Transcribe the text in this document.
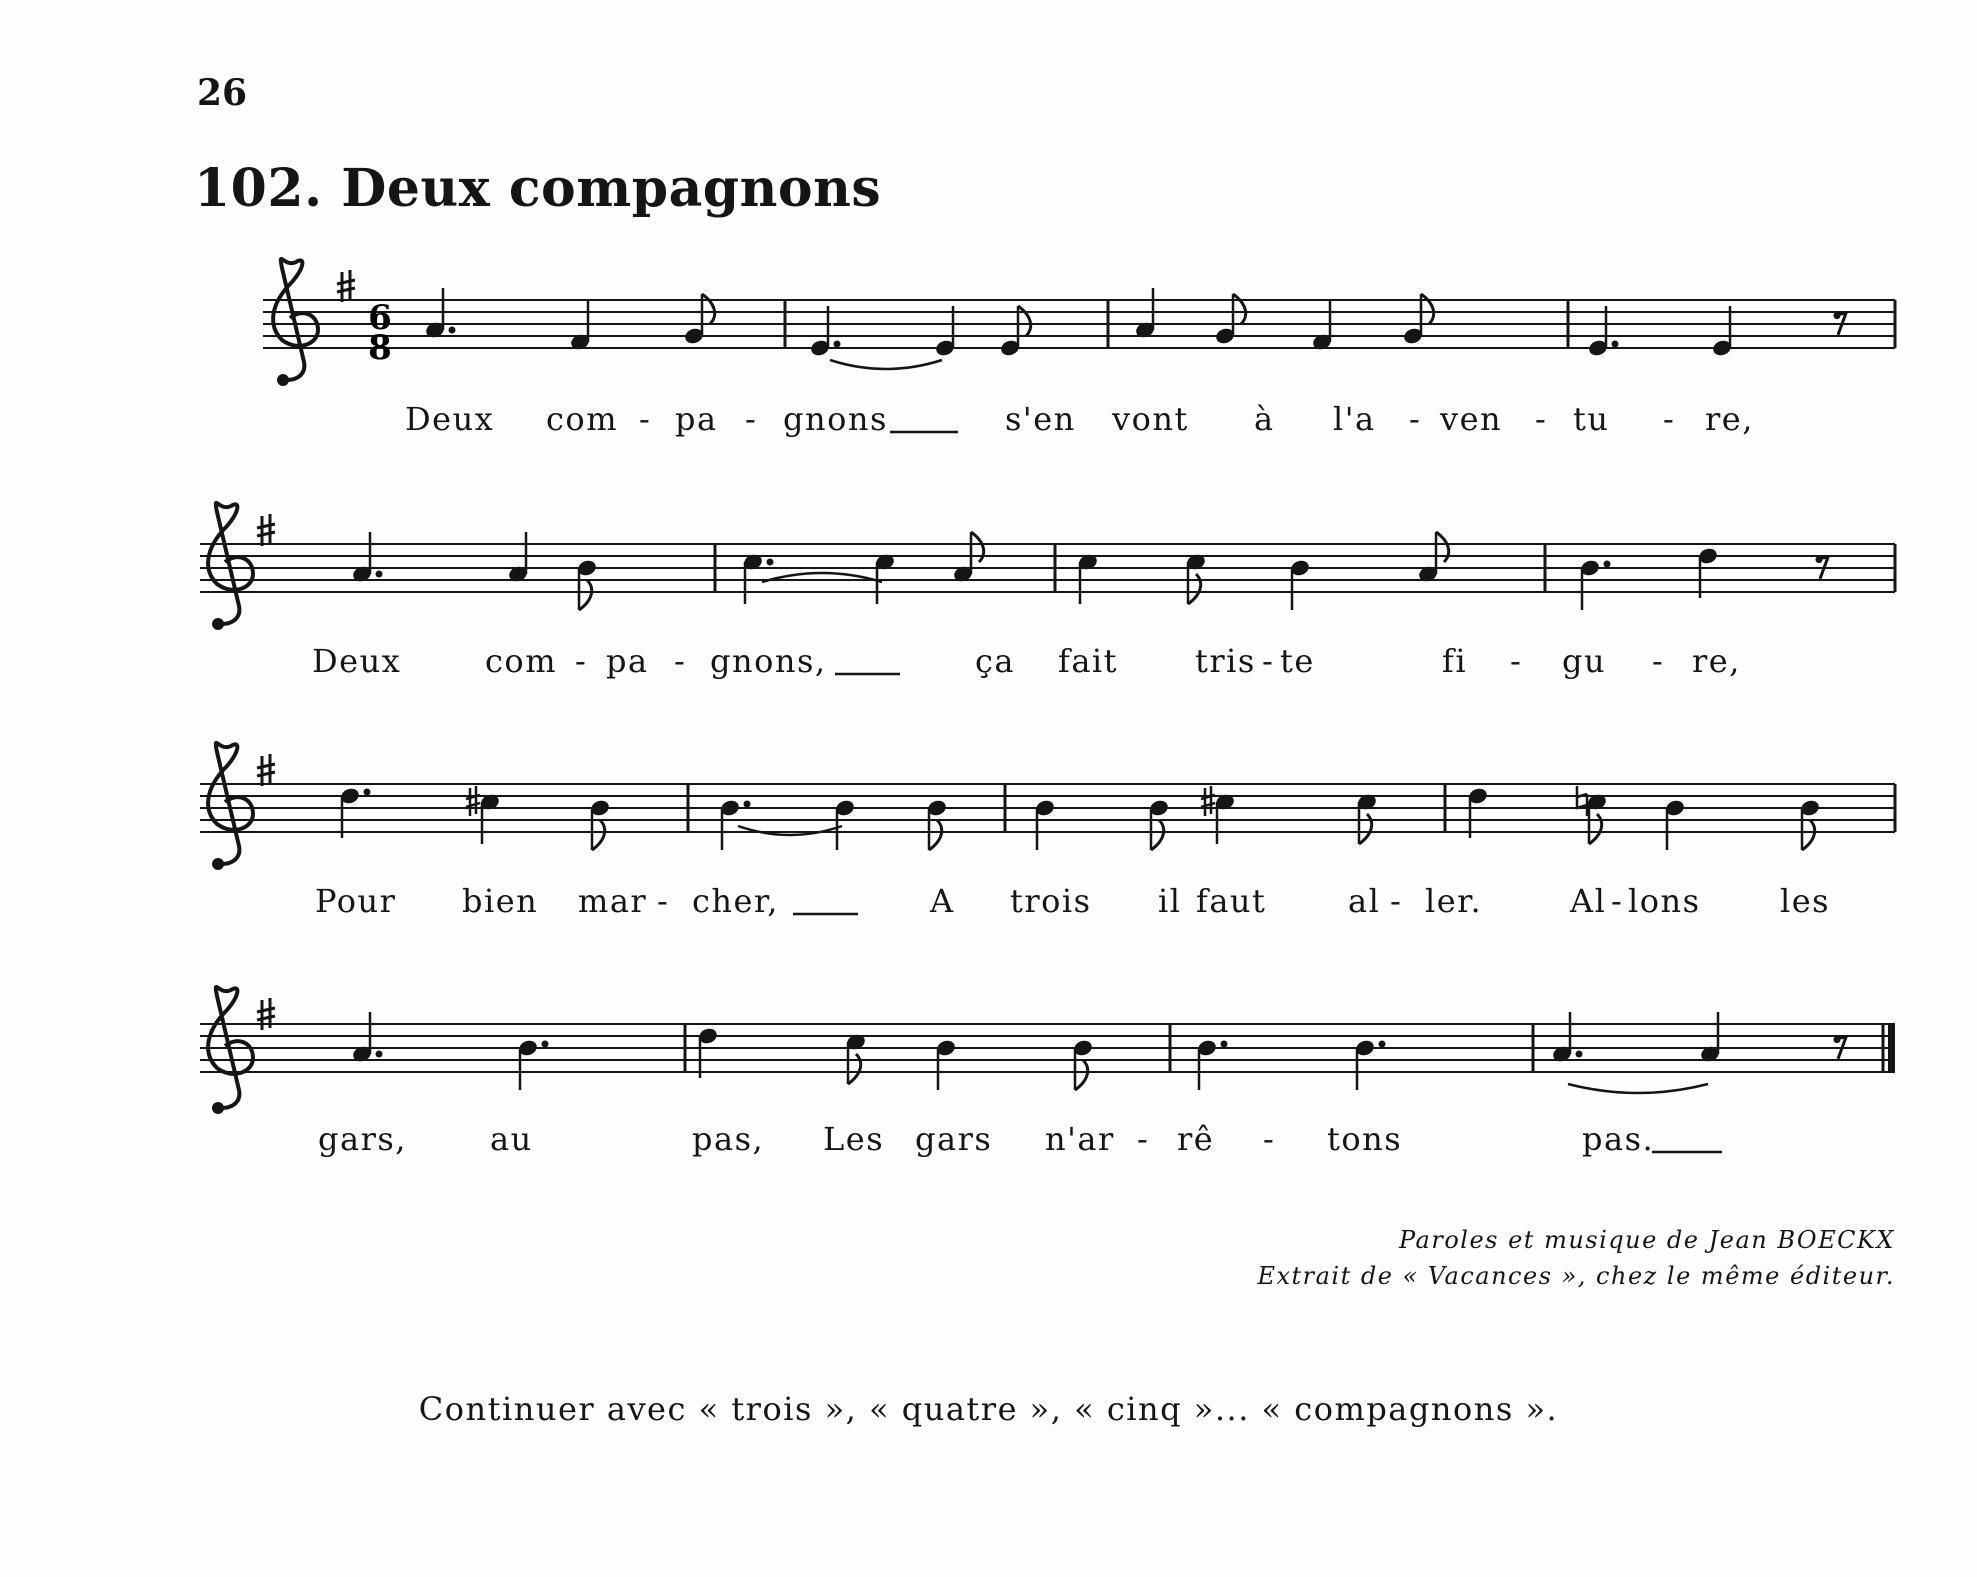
26
102. Deux compagnons
6
8
Deux com - pa - gnons	s'en vont à l'a - ven - tu - re,
Deux	com - pa - gnons,	ça fait tris - te	fi - gu - re,
Pour bien mar - cher,	A trois il faut	al - ler.	Al - lons les
gars,	au	pas, Les gars n'ar - rê - tons	pas.
Paroles et musique de Jean BOECKX
Extrait de « Vacances », chez le même éditeur.
Continuer avec « trois », « quatre », « cinq »... « compagnons ».
